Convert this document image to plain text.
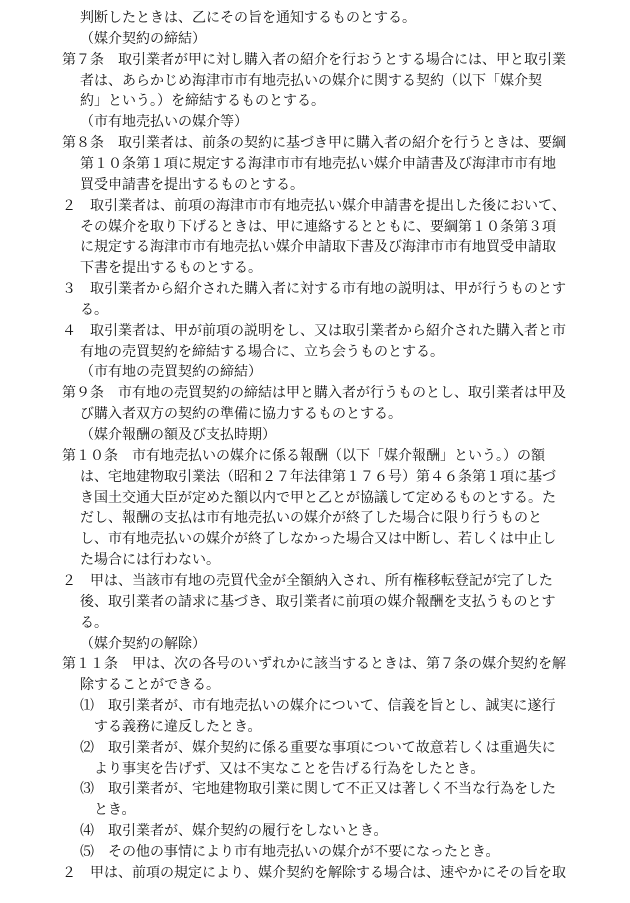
判断したときは、乙にその旨を通知するものとする。
（媒介契約の締結）
第７条　取引業者が甲に対し購入者の紹介を行おうとする場合には、甲と取引業
者は、あらかじめ海津市市有地売払いの媒介に関する契約（以下「媒介契
約」という。）を締結するものとする。
（市有地売払いの媒介等）
第８条　取引業者は、前条の契約に基づき甲に購入者の紹介を行うときは、要綱
第１０条第１項に規定する海津市市有地売払い媒介申請書及び海津市市有地
買受申請書を提出するものとする。
２　取引業者は、前項の海津市市有地売払い媒介申請書を提出した後において、
その媒介を取り下げるときは、甲に連絡するとともに、要綱第１０条第３項
に規定する海津市市有地売払い媒介申請取下書及び海津市市有地買受申請取
下書を提出するものとする。
３　取引業者から紹介された購入者に対する市有地の説明は、甲が行うものとす
る。
４　取引業者は、甲が前項の説明をし、又は取引業者から紹介された購入者と市
有地の売買契約を締結する場合に、立ち会うものとする。
（市有地の売買契約の締結）
第９条　市有地の売買契約の締結は甲と購入者が行うものとし、取引業者は甲及
び購入者双方の契約の準備に協力するものとする。
（媒介報酬の額及び支払時期）
第１０条　市有地売払いの媒介に係る報酬（以下「媒介報酬」という。）の額
は、宅地建物取引業法（昭和２７年法律第１７６号）第４６条第１項に基づ
き国土交通大臣が定めた額以内で甲と乙とが協議して定めるものとする。た
だし、報酬の支払は市有地売払いの媒介が終了した場合に限り行うものと
し、市有地売払いの媒介が終了しなかった場合又は中断し、若しくは中止し
た場合には行わない。
２　甲は、当該市有地の売買代金が全額納入され、所有権移転登記が完了した
後、取引業者の請求に基づき、取引業者に前項の媒介報酬を支払うものとす
る。
（媒介契約の解除）
第１１条　甲は、次の各号のいずれかに該当するときは、第７条の媒介契約を解
除することができる。
⑴　取引業者が、市有地売払いの媒介について、信義を旨とし、誠実に遂行
する義務に違反したとき。
⑵　取引業者が、媒介契約に係る重要な事項について故意若しくは重過失に
より事実を告げず、又は不実なことを告げる行為をしたとき。
⑶　取引業者が、宅地建物取引業に関して不正又は著しく不当な行為をした
とき。
⑷　取引業者が、媒介契約の履行をしないとき。
⑸　その他の事情により市有地売払いの媒介が不要になったとき。
２　甲は、前項の規定により、媒介契約を解除する場合は、速やかにその旨を取
